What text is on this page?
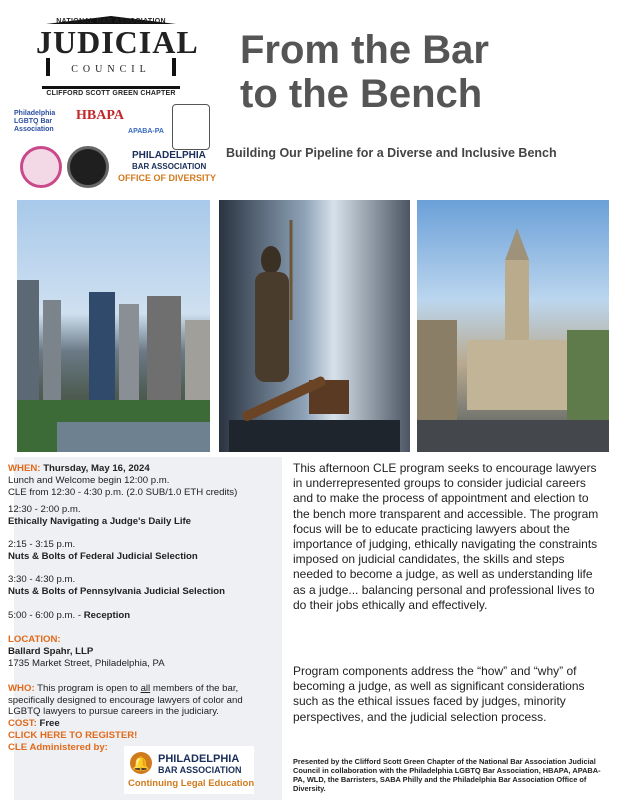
NATIONAL BAR ASSOCIATION
JUDICIAL
COUNCIL
CLIFFORD SCOTT GREEN CHAPTER
From the Bar
to the Bench
Building Our Pipeline for a Diverse and Inclusive Bench
Philadelphia LGBTQ Bar Association
HBAPA
APABA-PA
PHILADELPHIA
BAR ASSOCIATION
OFFICE OF DIVERSITY
WHEN: Thursday, May 16, 2024
Lunch and Welcome begin 12:00 p.m.
CLE from 12:30 - 4:30 p.m. (2.0 SUB/1.0 ETH credits)
12:30 - 2:00 p.m.
Ethically Navigating a Judge's Daily Life
2:15 - 3:15 p.m.
Nuts & Bolts of Federal Judicial Selection
3:30 - 4:30 p.m.
Nuts & Bolts of Pennsylvania Judicial Selection
5:00 - 6:00 p.m. - Reception
LOCATION:
Ballard Spahr, LLP
1735 Market Street, Philadelphia, PA
WHO: This program is open to all members of the bar, specifically designed to encourage lawyers of color and LGBTQ lawyers to pursue careers in the judiciary.
COST: Free
CLICK HERE TO REGISTER!
CLE Administered by:
🔔 PHILADELPHIA
BAR ASSOCIATION
Continuing Legal Education
This afternoon CLE program seeks to encourage lawyers in underrepresented groups to consider judicial careers and to make the process of appointment and election to the bench more transparent and accessible. The program focus will be to educate practicing lawyers about the importance of judging, ethically navigating the constraints imposed on judicial candidates, the skills and steps needed to become a judge, as well as understanding life as a judge... balancing personal and professional lives to do their jobs ethically and effectively.
Program components address the “how” and “why” of becoming a judge, as well as significant considerations such as the ethical issues faced by judges, minority perspectives, and the judicial selection process.
Presented by the Clifford Scott Green Chapter of the National Bar Association Judicial Council in collaboration with the Philadelphia LGBTQ Bar Association, HBAPA, APABA-PA, WLD, the Barristers, SABA Philly and the Philadelphia Bar Association Office of Diversity.
